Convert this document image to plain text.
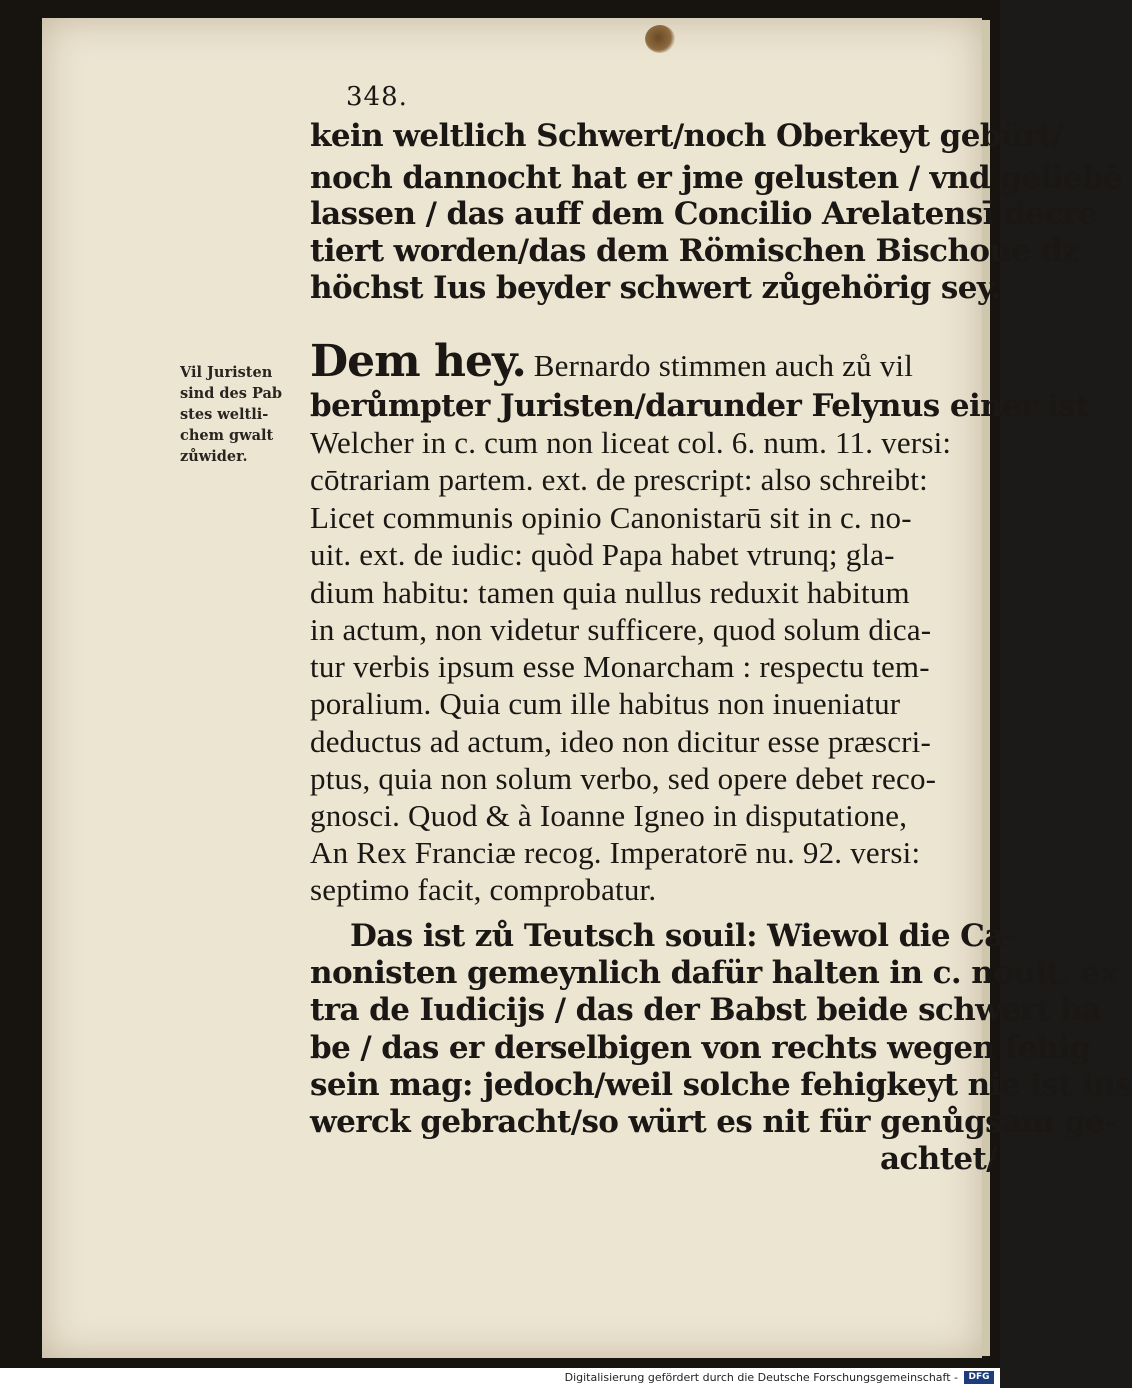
348.
kein weltlich Schwert/noch Oberkeyt gebürt/
noch dannocht hat er jme gelusten / vnd geliebē
lassen / das auff dem Concilio Arelatensī decre
tiert worden/das dem Römischen Bischoue dz
höchst Ius beyder schwert zůgehörig sey.
Dem hey. Bernardo stimmen auch zů vil
berůmpter Juristen/darunder Felynus einer ist
Welcher in c. cum non liceat col. 6. num. 11. versi:
cōtrariam partem. ext. de prescript: also schreibt:
Licet communis opinio Canonistarū sit in c. no-
uit. ext. de iudic: quòd Papa habet vtrunq; gla-
dium habitu: tamen quia nullus reduxit habitum
in actum, non videtur sufficere, quod solum dica-
tur verbis ipsum esse Monarcham : respectu tem-
poralium. Quia cum ille habitus non inueniatur
deductus ad actum, ideo non dicitur esse præscri-
ptus, quia non solum verbo, sed opere debet reco-
gnosci. Quod & à Ioanne Igneo in disputatione,
An Rex Franciæ recog. Imperatorē nu. 92. versi:
septimo facit, comprobatur.
Das ist zů Teutsch souil: Wiewol die Ca-
nonisten gemeynlich dafür halten in c. nouit. ex
tra de Iudicijs / das der Babst beide schwert ha
be / das er derselbigen von rechts wegen fehig
sein mag: jedoch/weil solche fehigkeyt nie ist ins
werck gebracht/so würt es nit für genůgsam ge-
achtet/
Vil Juristen
sind des Pab
stes weltli-
chem gwalt
zůwider.
Digitalisierung gefördert durch die Deutsche Forschungsgemeinschaft -	DFG
